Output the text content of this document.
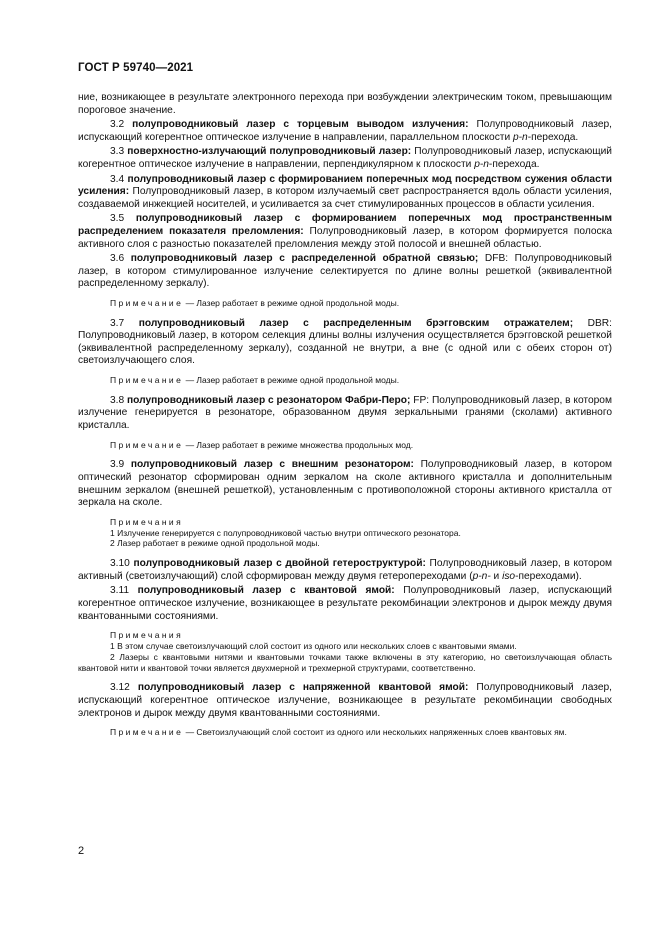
ГОСТ Р 59740—2021

ние, возникающее в результате электронного перехода при возбуждении электрическим током, превышающим пороговое значение.

3.2 полупроводниковый лазер с торцевым выводом излучения: Полупроводниковый лазер, испускающий когерентное оптическое излучение в направлении, параллельном плоскости p-n-перехода.

3.3 поверхностно-излучающий полупроводниковый лазер: Полупроводниковый лазер, испускающий когерентное оптическое излучение в направлении, перпендикулярном к плоскости p-n-перехода.

3.4 полупроводниковый лазер с формированием поперечных мод посредством сужения области усиления: Полупроводниковый лазер, в котором излучаемый свет распространяется вдоль области усиления, создаваемой инжекцией носителей, и усиливается за счет стимулированных процессов в области усиления.

3.5 полупроводниковый лазер с формированием поперечных мод пространственным распределением показателя преломления: Полупроводниковый лазер, в котором формируется полоска активного слоя с разностью показателей преломления между этой полосой и внешней областью.

3.6 полупроводниковый лазер с распределенной обратной связью; DFB: Полупроводниковый лазер, в котором стимулированное излучение селектируется по длине волны решеткой (эквивалентной распределенному зеркалу).

Примечание — Лазер работает в режиме одной продольной моды.

3.7 полупроводниковый лазер с распределенным брэгговским отражателем; DBR: Полупроводниковый лазер, в котором селекция длины волны излучения осуществляется брэгговской решеткой (эквивалентной распределенному зеркалу), созданной не внутри, а вне (с одной или с обеих сторон от) светоизлучающего слоя.

Примечание — Лазер работает в режиме одной продольной моды.

3.8 полупроводниковый лазер с резонатором Фабри-Перо; FP: Полупроводниковый лазер, в котором излучение генерируется в резонаторе, образованном двумя зеркальными гранями (сколами) активного кристалла.

Примечание — Лазер работает в режиме множества продольных мод.

3.9 полупроводниковый лазер с внешним резонатором: Полупроводниковый лазер, в котором оптический резонатор сформирован одним зеркалом на сколе активного кристалла и дополнительным внешним зеркалом (внешней решеткой), установленным с противоположной стороны активного кристалла от зеркала на сколе.

Примечания
1 Излучение генерируется с полупроводниковой частью внутри оптического резонатора.
2 Лазер работает в режиме одной продольной моды.

3.10 полупроводниковый лазер с двойной гетероструктурой: Полупроводниковый лазер, в котором активный (светоизлучающий) слой сформирован между двумя гетеропереходами (p-n- и iso-переходами).

3.11 полупроводниковый лазер с квантовой ямой: Полупроводниковый лазер, испускающий когерентное оптическое излучение, возникающее в результате рекомбинации электронов и дырок между двумя квантованными состояниями.

Примечания
1 В этом случае светоизлучающий слой состоит из одного или нескольких слоев с квантовыми ямами.
2 Лазеры с квантовыми нитями и квантовыми точками также включены в эту категорию, но светоизлучающая область квантовой нити и квантовой точки является двухмерной и трехмерной структурами, соответственно.

3.12 полупроводниковый лазер с напряженной квантовой ямой: Полупроводниковый лазер, испускающий когерентное оптическое излучение, возникающее в результате рекомбинации свободных электронов и дырок между двумя квантованными состояниями.

Примечание — Светоизлучающий слой состоит из одного или нескольких напряженных слоев квантовых ям.
2
